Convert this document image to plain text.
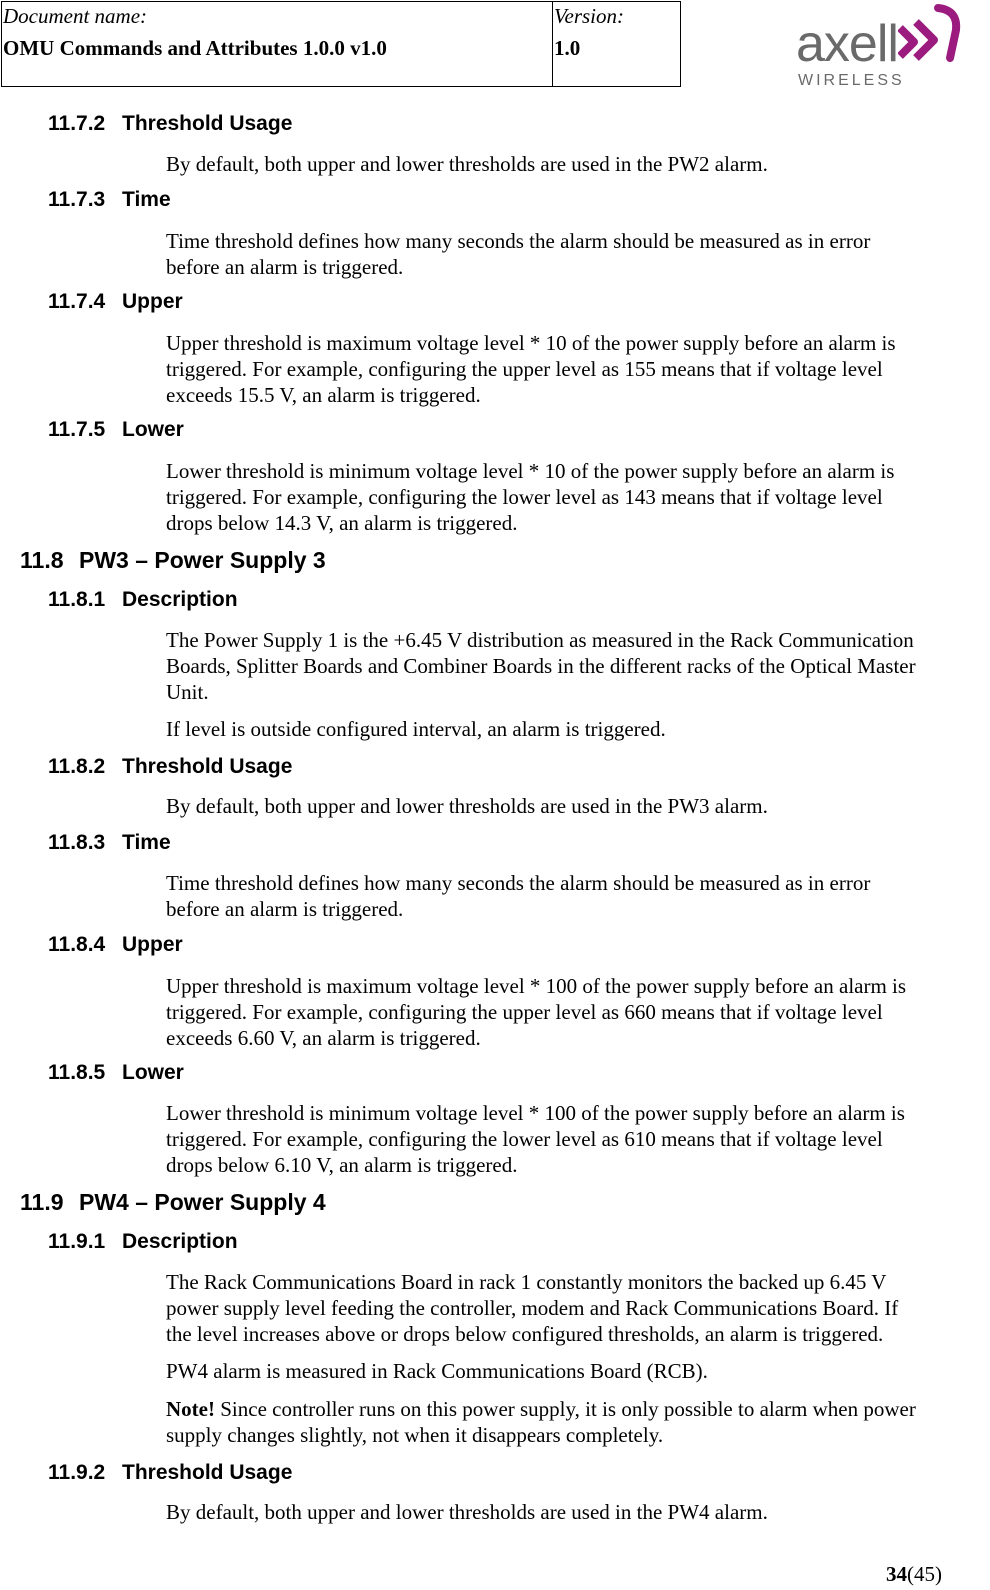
Document name:
OMU Commands and Attributes 1.0.0 v1.0
Version:
1.0	axell
WIRELESS
11.7.2 Threshold Usage
By default, both upper and lower thresholds are used in the PW2 alarm.
11.7.3 Time
Time threshold defines how many seconds the alarm should be measured as in error
before an alarm is triggered.
11.7.4 Upper
Upper threshold is maximum voltage level * 10 of the power supply before an alarm is
triggered. For example, configuring the upper level as 155 means that if voltage level
exceeds 15.5 V, an alarm is triggered.
11.7.5 Lower
Lower threshold is minimum voltage level * 10 of the power supply before an alarm is
triggered. For example, configuring the lower level as 143 means that if voltage level
drops below 14.3 V, an alarm is triggered.
11.8 PW3 – Power Supply 3
11.8.1 Description
The Power Supply 1 is the +6.45 V distribution as measured in the Rack Communication
Boards, Splitter Boards and Combiner Boards in the different racks of the Optical Master
Unit.
If level is outside configured interval, an alarm is triggered.
11.8.2 Threshold Usage
By default, both upper and lower thresholds are used in the PW3 alarm.
11.8.3 Time
Time threshold defines how many seconds the alarm should be measured as in error
before an alarm is triggered.
11.8.4 Upper
Upper threshold is maximum voltage level * 100 of the power supply before an alarm is
triggered. For example, configuring the upper level as 660 means that if voltage level
exceeds 6.60 V, an alarm is triggered.
11.8.5 Lower
Lower threshold is minimum voltage level * 100 of the power supply before an alarm is
triggered. For example, configuring the lower level as 610 means that if voltage level
drops below 6.10 V, an alarm is triggered.
11.9 PW4 – Power Supply 4
11.9.1 Description
The Rack Communications Board in rack 1 constantly monitors the backed up 6.45 V
power supply level feeding the controller, modem and Rack Communications Board. If
the level increases above or drops below configured thresholds, an alarm is triggered.
PW4 alarm is measured in Rack Communications Board (RCB).
Note! Since controller runs on this power supply, it is only possible to alarm when power
supply changes slightly, not when it disappears completely.
11.9.2 Threshold Usage
By default, both upper and lower thresholds are used in the PW4 alarm.
34(45)
